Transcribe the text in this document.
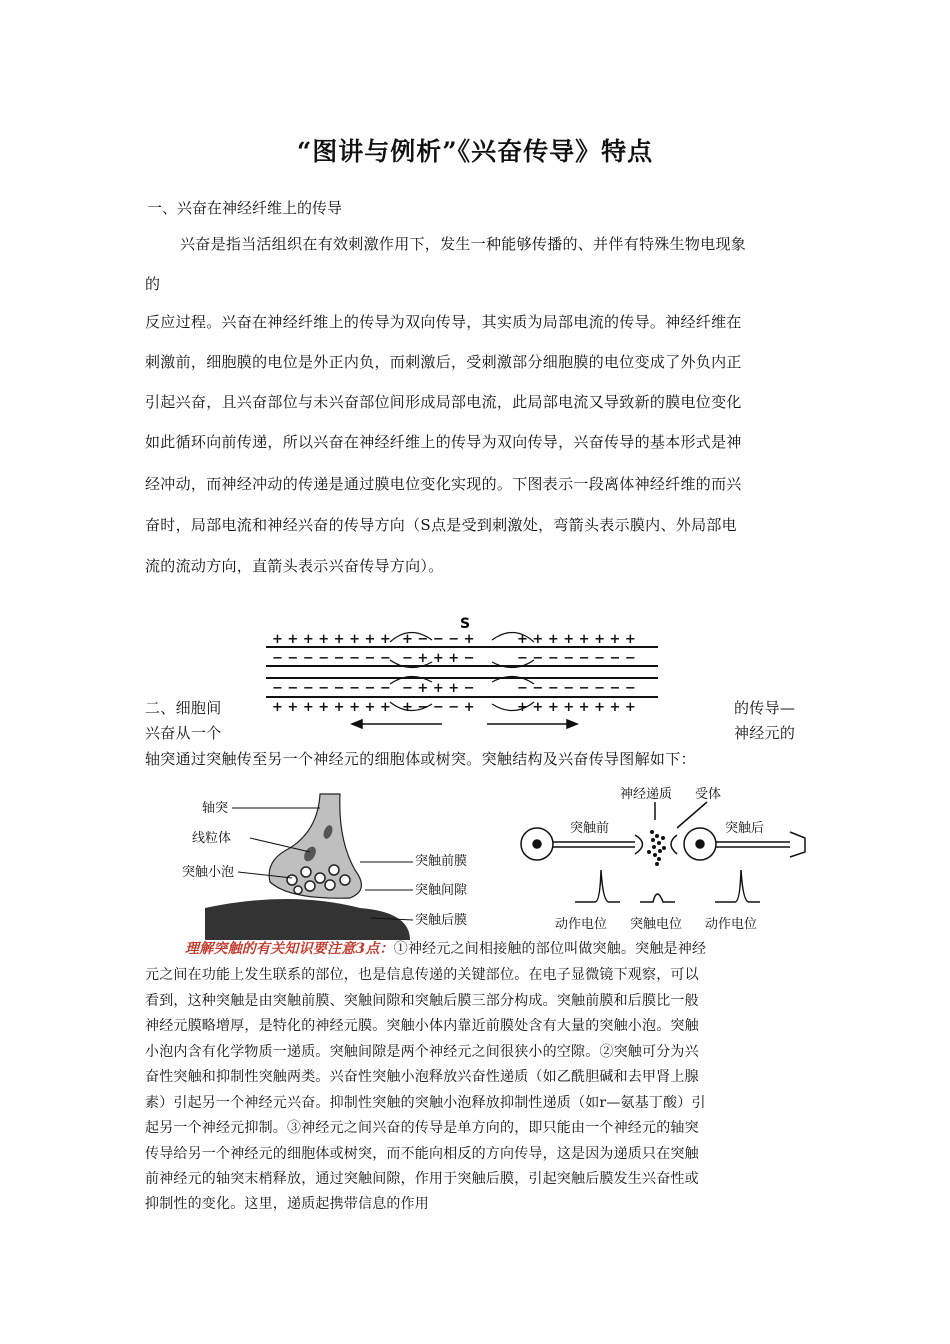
“图讲与例析”《兴奋传导》特点
一、兴奋在神经纤维上的传导
兴奋是指当活组织在有效刺激作用下，发生一种能够传播的、并伴有特殊生物电现象
的
反应过程。兴奋在神经纤维上的传导为双向传导，其实质为局部电流的传导。神经纤维在
刺激前，细胞膜的电位是外正内负，而刺激后，受刺激部分细胞膜的电位变成了外负内正
引起兴奋，且兴奋部位与未兴奋部位间形成局部电流，此局部电流又导致新的膜电位变化
如此循环向前传递，所以兴奋在神经纤维上的传导为双向传导，兴奋传导的基本形式是神
经冲动，而神经冲动的传递是通过膜电位变化实现的。下图表示一段离体神经纤维的而兴
奋时，局部电流和神经兴奋的传导方向（S点是受到刺激处，弯箭头表示膜内、外局部电
流的流动方向，直箭头表示兴奋传导方向）。
S
+ + + + + + + + + − − − +	+ + + + + + + +
− − − − − − − − − + + + −	− − − − − − − −
− − − − − − − − − + + + −	− − − − − − − −
+ + + + + + + + + − − − +	+ + + + + + + +
二、细胞间	的传导—
兴奋从一个	神经元的
轴突通过突触传至另一个神经元的细胞体或树突。突触结构及兴奋传导图解如下：
轴突
线粒体
突触小泡
突触前膜
突触间隙
突触后膜
神经递质 受体
突触前	突触后
动作电位 突触电位 动作电位
理解突触的有关知识要注意3点：①神经元之间相接触的部位叫做突触。突触是神经
元之间在功能上发生联系的部位，也是信息传递的关键部位。在电子显微镜下观察，可以
看到，这种突触是由突触前膜、突触间隙和突触后膜三部分构成。突触前膜和后膜比一般
神经元膜略增厚，是特化的神经元膜。突触小体内靠近前膜处含有大量的突触小泡。突触
小泡内含有化学物质一递质。突触间隙是两个神经元之间很狭小的空隙。②突触可分为兴
奋性突触和抑制性突触两类。兴奋性突触小泡释放兴奋性递质（如乙酰胆碱和去甲肾上腺
素）引起另一个神经元兴奋。抑制性突触的突触小泡释放抑制性递质（如r—氨基丁酸）引
起另一个神经元抑制。③神经元之间兴奋的传导是单方向的，即只能由一个神经元的轴突
传导给另一个神经元的细胞体或树突，而不能向相反的方向传导，这是因为递质只在突触
前神经元的轴突末梢释放，通过突触间隙，作用于突触后膜，引起突触后膜发生兴奋性或
抑制性的变化。这里，递质起携带信息的作用
